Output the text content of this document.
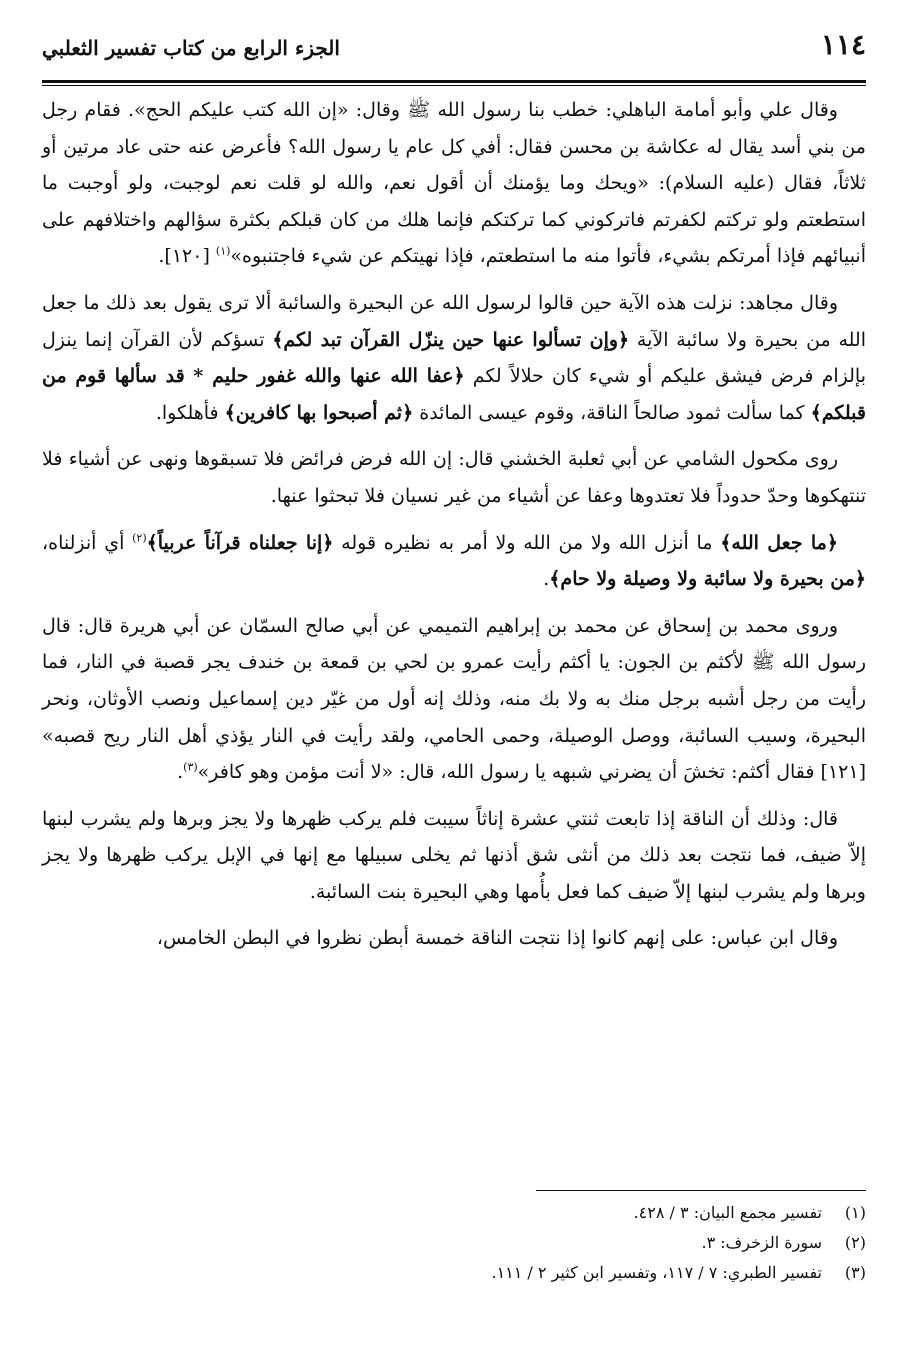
١١٤
الجزء الرابع من كتاب تفسير الثعلبي

وقال علي وأبو أمامة الباهلي: خطب بنا رسول الله ﷺ وقال: «إن الله كتب عليكم الحج». فقام رجل من بني أسد يقال له عكاشة بن محسن فقال: أفي كل عام يا رسول الله؟ فأعرض عنه حتى عاد مرتين أو ثلاثاً، فقال (عليه السلام): «ويحك وما يؤمنك أن أقول نعم، والله لو قلت نعم لوجبت، ولو أوجبت ما استطعتم ولو تركتم لكفرتم فاتركوني كما تركتكم فإنما هلك من كان قبلكم بكثرة سؤالهم واختلافهم على أنبيائهم فإذا أمرتكم بشيء، فأتوا منه ما استطعتم، فإذا نهيتكم عن شيء فاجتنبوه»$^{(١)}$ [١٢٠].

وقال مجاهد: نزلت هذه الآية حين قالوا لرسول الله عن البحيرة والسائبة ألا ترى يقول بعد ذلك ما جعل الله من بحيرة ولا سائبة الآية ﴿وإن تسألوا عنها حين ينزّل القرآن تبد لكم﴾ تسؤكم لأن القرآن إنما ينزل بإلزام فرض فيشق عليكم أو شيء كان حلالاً لكم ﴿عفا الله عنها والله غفور حليم * قد سألها قوم من قبلكم﴾ كما سألت ثمود صالحاً الناقة، وقوم عيسى المائدة ﴿ثم أصبحوا بها كافرين﴾ فأهلكوا.

روى مكحول الشامي عن أبي ثعلبة الخشني قال: إن الله فرض فرائض فلا تسبقوها ونهى عن أشياء فلا تنتهكوها وحدّ حدوداً فلا تعتدوها وعفا عن أشياء من غير نسيان فلا تبحثوا عنها.

﴿ما جعل الله﴾ ما أنزل الله ولا من الله ولا أمر به نظيره قوله ﴿إنا جعلناه قرآناً عربياً﴾$^{(٢)}$ أي أنزلناه، ﴿من بحيرة ولا سائبة ولا وصيلة ولا حام﴾.

وروى محمد بن إسحاق عن محمد بن إبراهيم التميمي عن أبي صالح السمّان عن أبي هريرة قال: قال رسول الله ﷺ لأكثم بن الجون: يا أكثم رأيت عمرو بن لحي بن قمعة بن خندف يجر قصبة في النار، فما رأيت من رجل أشبه برجل منك به ولا بك منه، وذلك إنه أول من غيّر دين إسماعيل ونصب الأوثان، ونحر البحيرة، وسيب السائبة، ووصل الوصيلة، وحمى الحامي، ولقد رأيت في النار يؤذي أهل النار ريح قصبه» [١٢١] فقال أكثم: تخشَ أن يضرني شبهه يا رسول الله، قال: «لا أنت مؤمن وهو كافر»$^{(٣)}$.

قال: وذلك أن الناقة إذا تابعت ثنتي عشرة إناثاً سيبت فلم يركب ظهرها ولا يجز وبرها ولم يشرب لبنها إلاّ ضيف، فما نتجت بعد ذلك من أنثى شق أذنها ثم يخلى سبيلها مع إنها في الإبل يركب ظهرها ولا يجز وبرها ولم يشرب لبنها إلاّ ضيف كما فعل بأُمها وهي البحيرة بنت السائبة.

وقال ابن عباس: على إنهم كانوا إذا نتجت الناقة خمسة أبطن نظروا في البطن الخامس،

(١)تفسير مجمع البيان: ٣ / ٤٢٨.
(٢)سورة الزخرف: ٣.
(٣)تفسير الطبري: ٧ / ١١٧، وتفسير ابن كثير ٢ / ١١١.
